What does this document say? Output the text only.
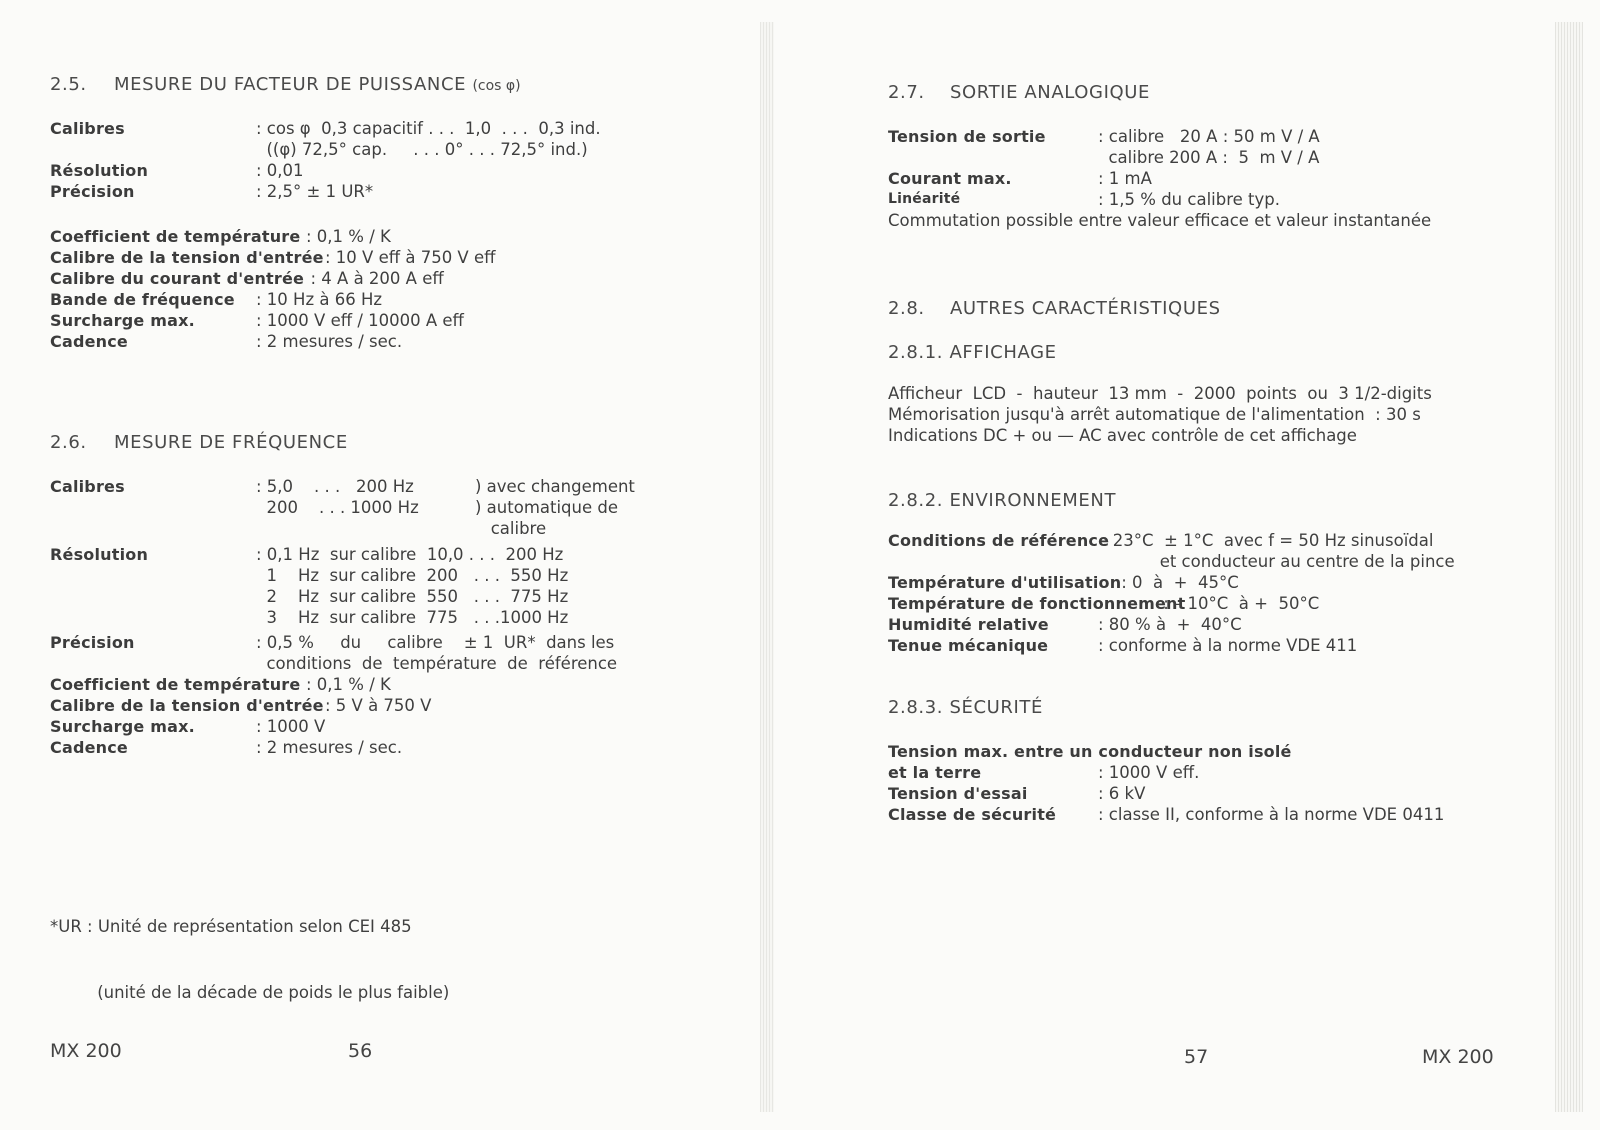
2.5. MESURE DU FACTEUR DE PUISSANCE (cos φ)
Calibres	: cos φ  0,3 capacitif . . .  1,0  . . .  0,3 ind.
((φ) 72,5° cap.     . . . 0° . . . 72,5° ind.)
Résolution	: 0,01
Précision	: 2,5° ± 1 UR*
Coefficient de température : 0,1 % / K
Calibre de la tension d'entrée : 10 V eff à 750 V eff
Calibre du courant d'entrée
: 4 A à 200 A eff
Bande de fréquence : 10 Hz à 66 Hz
Surcharge max.	: 1000 V eff / 10000 A eff
Cadence	: 2 mesures / sec.
2.6. MESURE DE FRÉQUENCE
Calibres	: 5,0    . . .   200 Hz	) avec changement
200    . . . 1000 Hz	) automatique de
calibre
Résolution	: 0,1 Hz  sur calibre  10,0 . . .  200 Hz
1    Hz  sur calibre  200   . . .  550 Hz
2    Hz  sur calibre  550   . . .  775 Hz
3    Hz  sur calibre  775   . . .1000 Hz
Précision	: 0,5 %     du     calibre    ± 1  UR*  dans les
conditions  de  température  de  référence
Coefficient de température : 0,1 % / K
Calibre de la tension d'entrée : 5 V à 750 V
Surcharge max.	: 1000 V
Cadence	: 2 mesures / sec.

*UR : Unité de représentation selon CEI 485

(unité de la décade de poids le plus faible)

MX 200	56
2.7. SORTIE ANALOGIQUE
Tension de sortie	: calibre   20 A : 50 m V / A
calibre 200 A :  5  m V / A
Courant max.	: 1 mA
Linéarité	: 1,5 % du calibre typ.
Commutation possible entre valeur efficace et valeur instantanée
2.8. AUTRES CARACTÉRISTIQUES
2.8.1. AFFICHAGE
Afficheur  LCD  -  hauteur  13 mm  -  2000  points  ou  3 1/2-digits
Mémorisation jusqu'à arrêt automatique de l'alimentation  : 30 s
Indications DC + ou — AC avec contrôle de cet affichage
2.8.2. ENVIRONNEMENT
Conditions de référence
: 23°C  ± 1°C  avec f = 50 Hz sinusoïdal
et conducteur au centre de la pince
Température d'utilisation
: 0  à  +  45°C
Température de fonctionnement
: – 10°C  à +  50°C
Humidité relative	: 80 % à  +  40°C
Tenue mécanique	: conforme à la norme VDE 411
2.8.3. SÉCURITÉ
Tension max. entre un conducteur non isolé
et la terre	: 1000 V eff.
Tension d'essai	: 6 kV
Classe de sécurité	: classe II, conforme à la norme VDE 0411
57	MX 200
